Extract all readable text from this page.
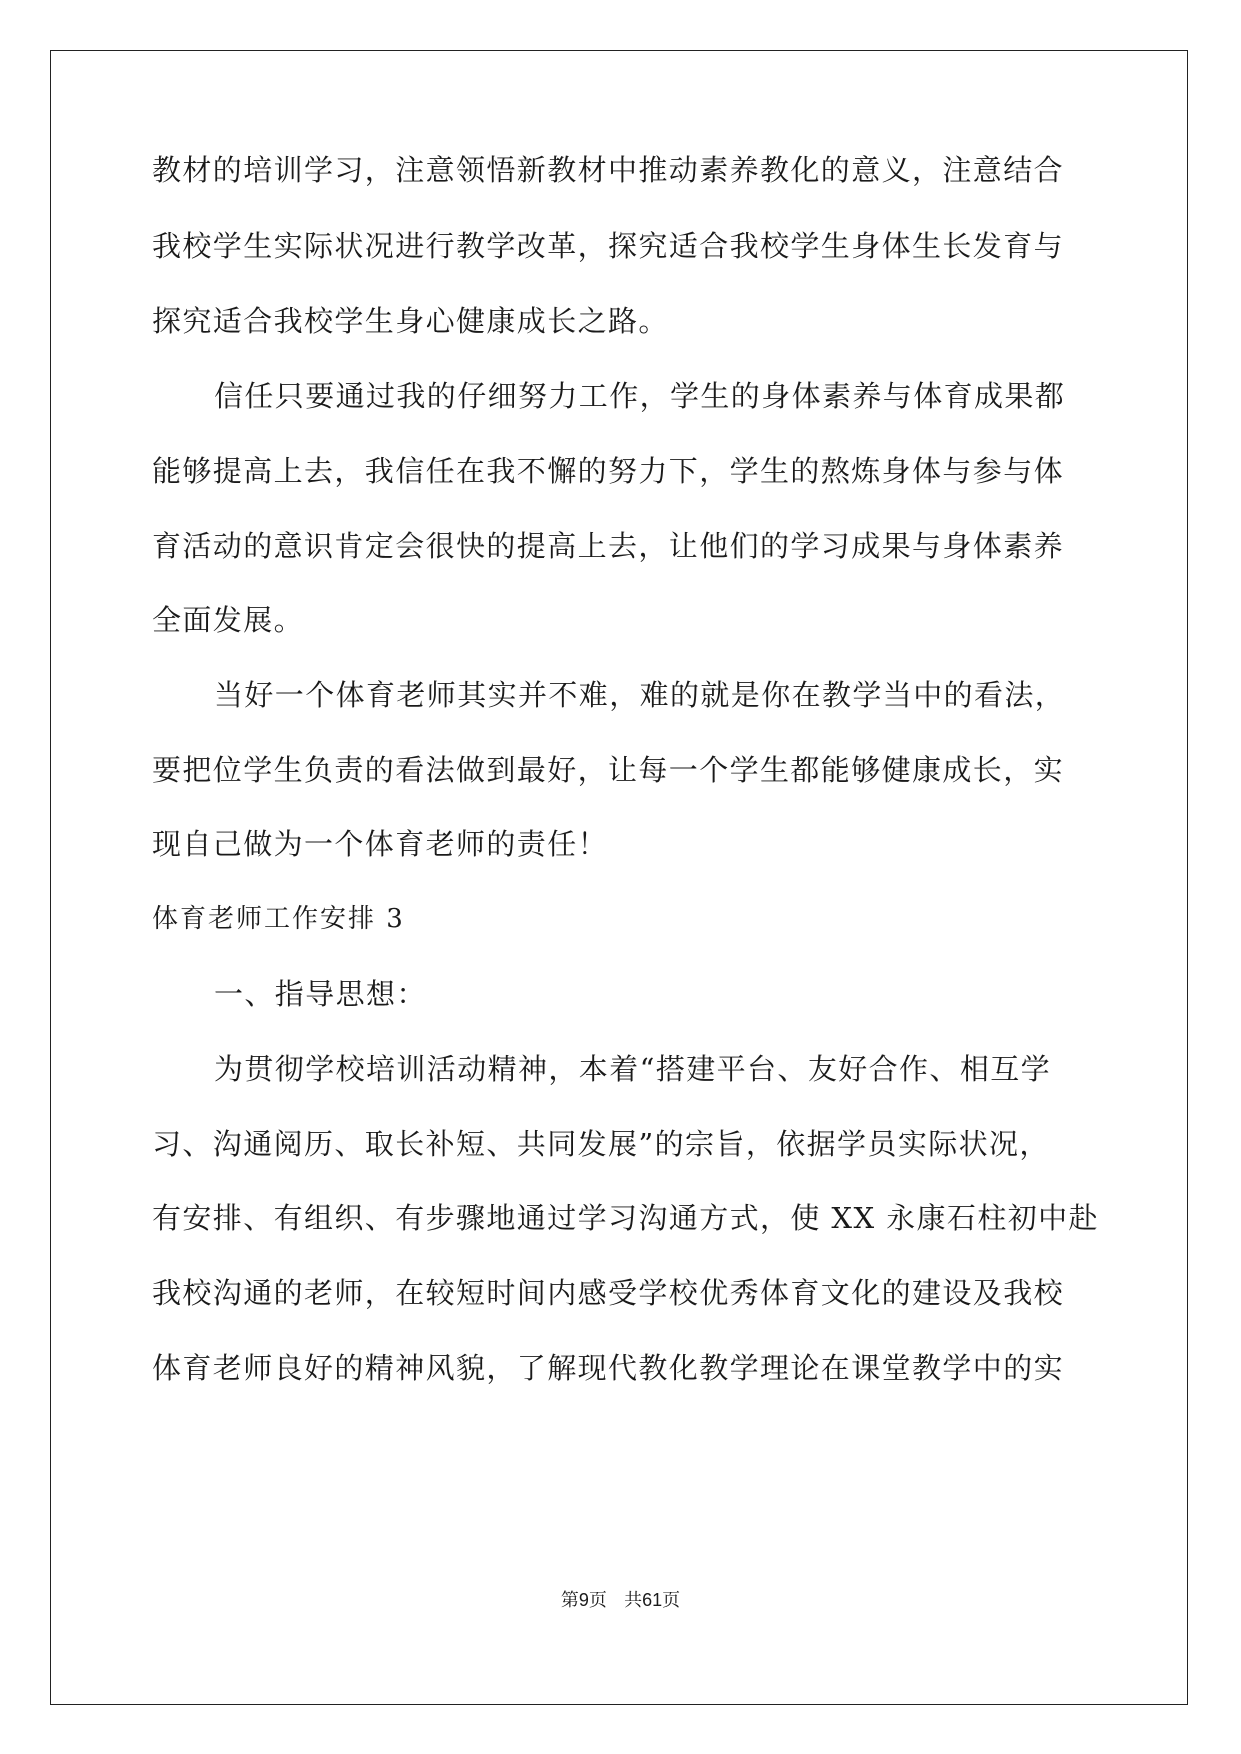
教材的培训学习，注意领悟新教材中推动素养教化的意义，注意结合
我校学生实际状况进行教学改革，探究适合我校学生身体生长发育与
探究适合我校学生身心健康成长之路。
信任只要通过我的仔细努力工作，学生的身体素养与体育成果都
能够提高上去，我信任在我不懈的努力下，学生的熬炼身体与参与体
育活动的意识肯定会很快的提高上去，让他们的学习成果与身体素养
全面发展。
当好一个体育老师其实并不难，难的就是你在教学当中的看法，
要把位学生负责的看法做到最好，让每一个学生都能够健康成长，实
现自己做为一个体育老师的责任！
体育老师工作安排 3
一、指导思想：
为贯彻学校培训活动精神，本着“搭建平台、友好合作、相互学
习、沟通阅历、取长补短、共同发展”的宗旨，依据学员实际状况，
有安排、有组织、有步骤地通过学习沟通方式，使 XX 永康石柱初中赴
我校沟通的老师，在较短时间内感受学校优秀体育文化的建设及我校
体育老师良好的精神风貌，了解现代教化教学理论在课堂教学中的实
第9页 共61页
